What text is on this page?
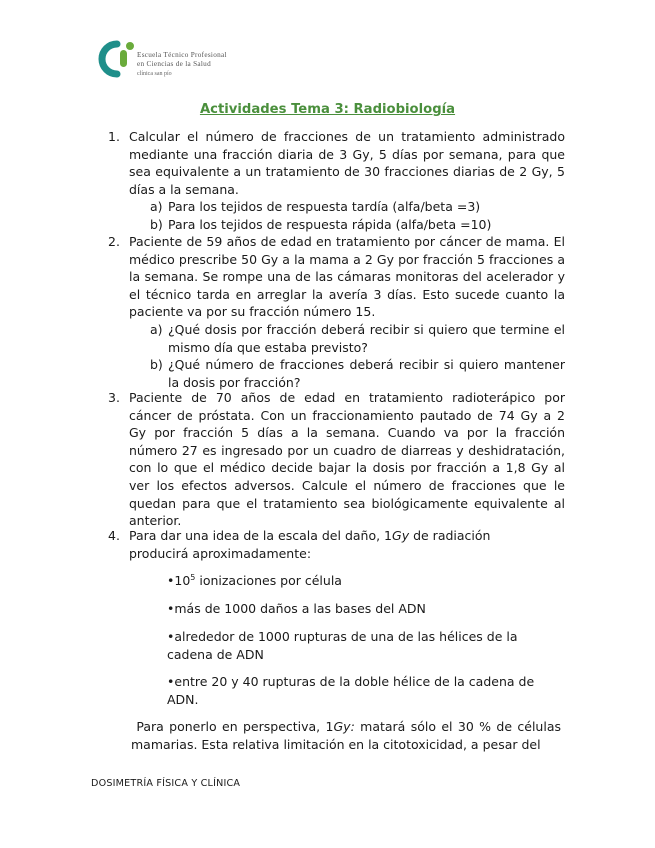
Escuela Técnico Profesional
en Ciencias de la Salud
clínica san pío
Actividades Tema 3: Radiobiología
1. Calcular el número de fracciones de un tratamiento administrado mediante una fracción diaria de 3 Gy, 5 días por semana, para que sea equivalente a un tratamiento de 30 fracciones diarias de 2 Gy, 5 días a la semana.
a) Para los tejidos de respuesta tardía (alfa/beta =3)
b) Para los tejidos de respuesta rápida (alfa/beta =10)
2. Paciente de 59 años de edad en tratamiento por cáncer de mama. El médico prescribe 50 Gy a la mama a 2 Gy por fracción 5 fracciones a la semana. Se rompe una de las cámaras monitoras del acelerador y el técnico tarda en arreglar la avería 3 días. Esto sucede cuanto la paciente va por su fracción número 15.
a) ¿Qué dosis por fracción deberá recibir si quiero que termine el mismo día que estaba previsto?
b) ¿Qué número de fracciones deberá recibir si quiero mantener la dosis por fracción?
3. Paciente de 70 años de edad en tratamiento radioterápico por cáncer de próstata. Con un fraccionamiento pautado de 74 Gy a 2 Gy por fracción 5 días a la semana. Cuando va por la fracción número 27 es ingresado por un cuadro de diarreas y deshidratación, con lo que el médico decide bajar la dosis por fracción a 1,8 Gy al ver los efectos adversos. Calcule el número de fracciones que le quedan para que el tratamiento sea biológicamente equivalente al anterior.
4. Para dar una idea de la escala del daño, 1Gy de radiación producirá aproximadamente:
$•10^5$ ionizaciones por célula
•más de 1000 daños a las bases del ADN
•alrededor de 1000 rupturas de una de las hélices de la cadena de ADN
•entre 20 y 40 rupturas de la doble hélice de la cadena de ADN.
Para ponerlo en perspectiva, 1Gy: matará sólo el 30 % de células mamarias. Esta relativa limitación en la citotoxicidad, a pesar del
DOSIMETRÍA FÍSICA Y CLÍNICA
